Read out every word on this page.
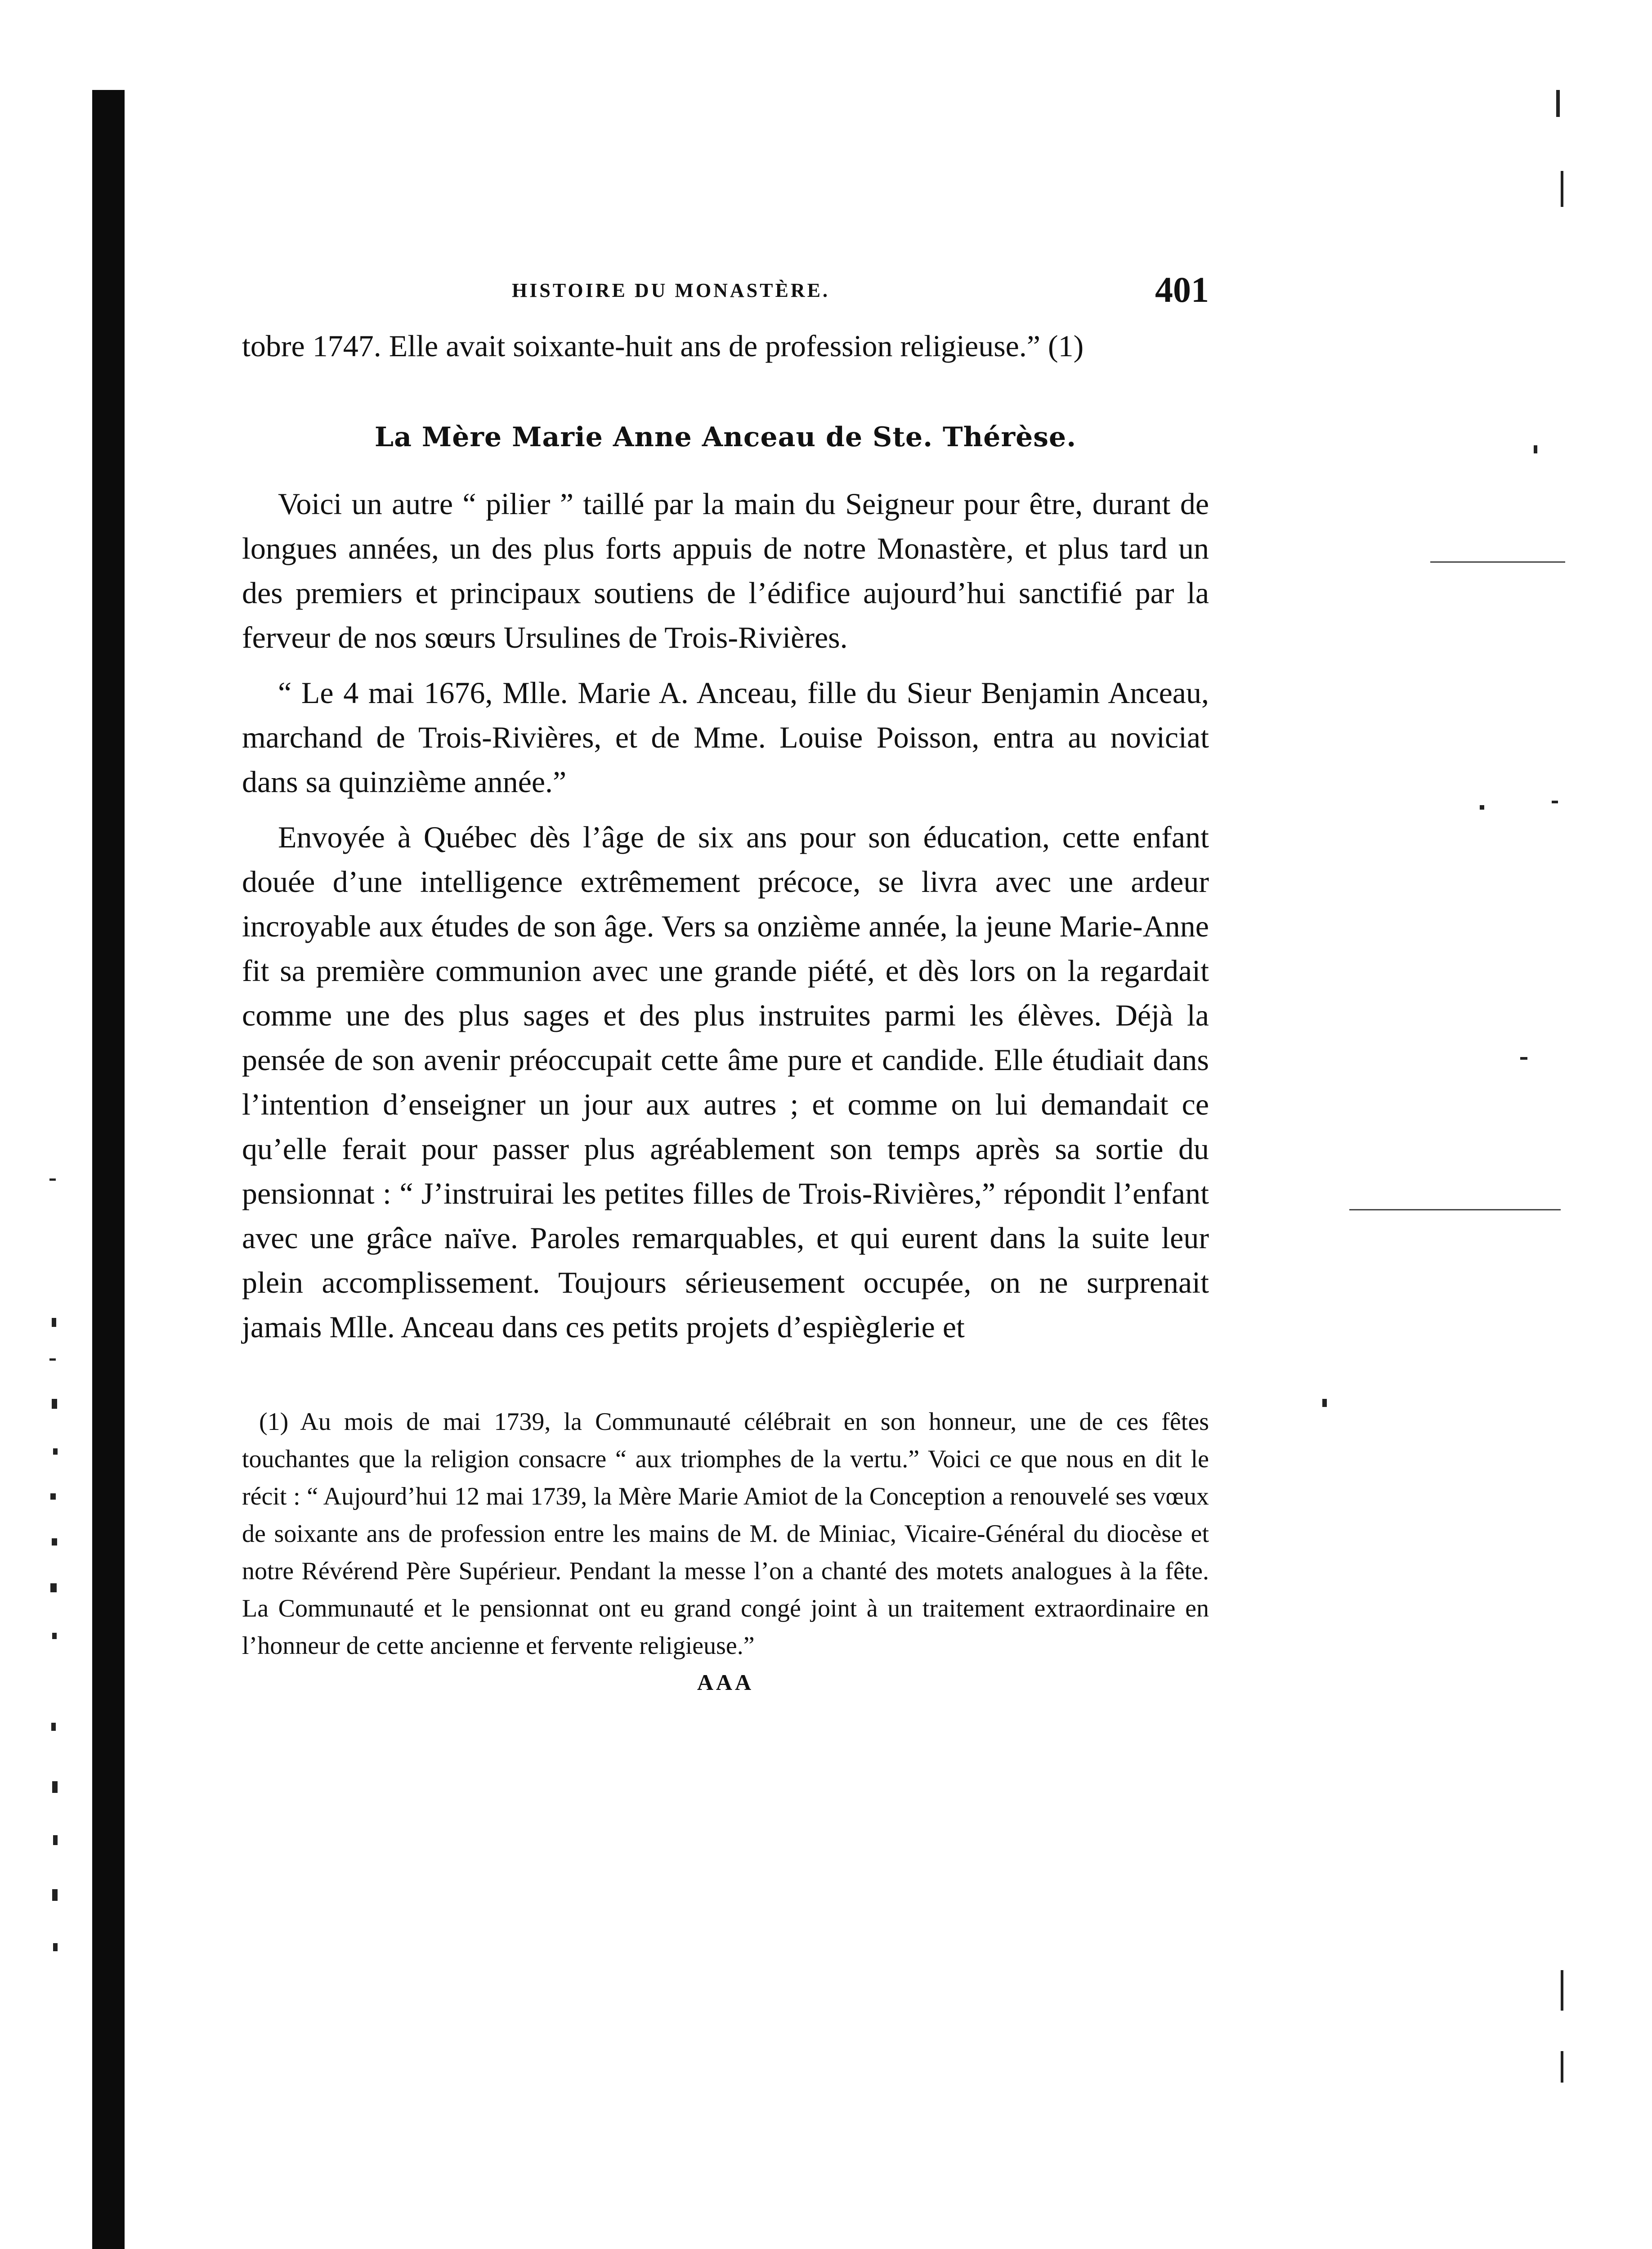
HISTOIRE DU MONASTÈRE.	401

tobre 1747. Elle avait soixante-huit ans de profession religieuse.” (1)

La Mère Marie Anne Anceau de Ste. Thérèse.

Voici un autre “ pilier ” taillé par la main du Seigneur pour être, durant de longues années, un des plus forts appuis de notre Monastère, et plus tard un des premiers et principaux soutiens de l’édifice aujourd’hui sanctifié par la ferveur de nos sœurs Ursulines de Trois-Rivières.

“ Le 4 mai 1676, Mlle. Marie A. Anceau, fille du Sieur Benjamin Anceau, marchand de Trois-Rivières, et de Mme. Louise Poisson, entra au noviciat dans sa quinzième année.”

Envoyée à Québec dès l’âge de six ans pour son éducation, cette enfant douée d’une intelligence extrêmement précoce, se livra avec une ardeur incroyable aux études de son âge. Vers sa onzième année, la jeune Marie-Anne fit sa première communion avec une grande piété, et dès lors on la regardait comme une des plus sages et des plus instruites parmi les élèves. Déjà la pensée de son avenir préoccupait cette âme pure et candide. Elle étudiait dans l’intention d’enseigner un jour aux autres ; et comme on lui demandait ce qu’elle ferait pour passer plus agréablement son temps après sa sortie du pensionnat : “ J’instruirai les petites filles de Trois-Rivières,” répondit l’enfant avec une grâce naïve. Paroles remarquables, et qui eurent dans la suite leur plein accomplissement. Toujours sérieusement occupée, on ne surprenait jamais Mlle. Anceau dans ces petits projets d’espièglerie et

(1) Au mois de mai 1739, la Communauté célébrait en son honneur, une de ces fêtes touchantes que la religion consacre “ aux triomphes de la vertu.” Voici ce que nous en dit le récit : “ Aujourd’hui 12 mai 1739, la Mère Marie Amiot de la Conception a renouvelé ses vœux de soixante ans de profession entre les mains de M. de Miniac, Vicaire-Général du diocèse et notre Révérend Père Supérieur. Pendant la messe l’on a chanté des motets analogues à la fête. La Communauté et le pensionnat ont eu grand congé joint à un traitement extraordinaire en l’honneur de cette ancienne et fervente religieuse.”

AAA
